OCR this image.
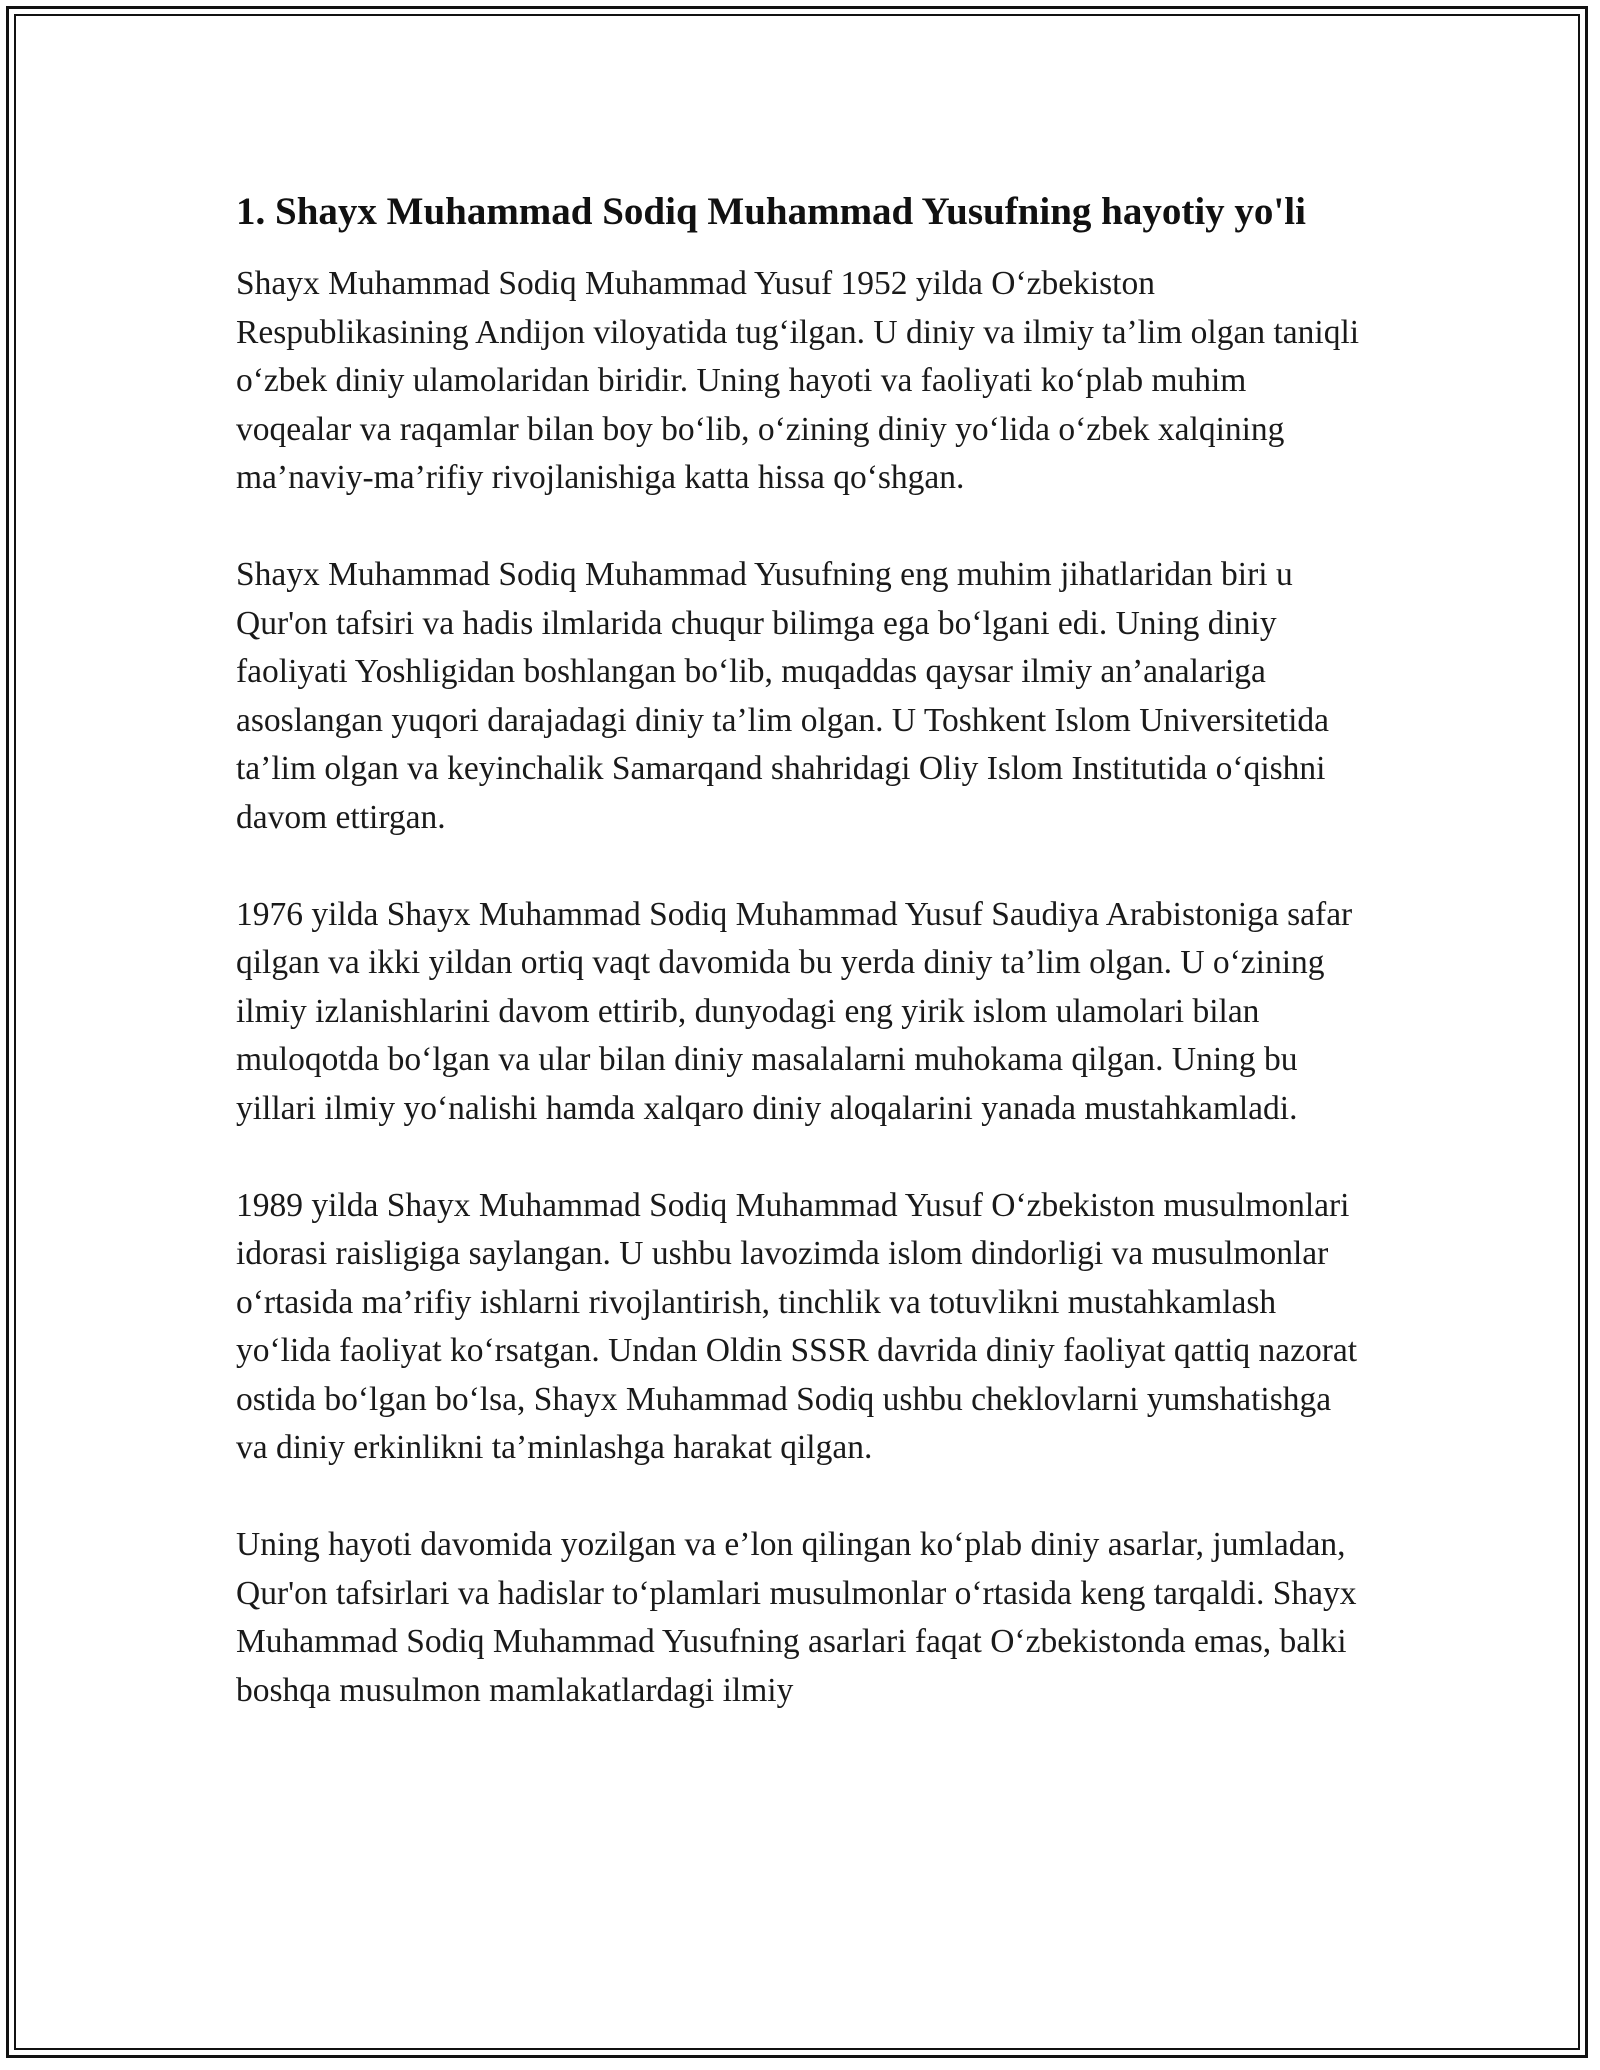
1. Shayx Muhammad Sodiq Muhammad Yusufning hayotiy yo'li

Shayx Muhammad Sodiq Muhammad Yusuf 1952 yilda O‘zbekiston Respublikasining Andijon viloyatida tug‘ilgan. U diniy va ilmiy ta’lim olgan taniqli o‘zbek diniy ulamolaridan biridir. Uning hayoti va faoliyati ko‘plab muhim voqealar va raqamlar bilan boy bo‘lib, o‘zining diniy yo‘lida o‘zbek xalqining ma’naviy-ma’rifiy rivojlanishiga katta hissa qo‘shgan.

Shayx Muhammad Sodiq Muhammad Yusufning eng muhim jihatlaridan biri u Qur'on tafsiri va hadis ilmlarida chuqur bilimga ega bo‘lgani edi. Uning diniy faoliyati Yoshligidan boshlangan bo‘lib, muqaddas qaysar ilmiy an’analariga asoslangan yuqori darajadagi diniy ta’lim olgan. U Toshkent Islom Universitetida ta’lim olgan va keyinchalik Samarqand shahridagi Oliy Islom Institutida o‘qishni davom ettirgan.

1976 yilda Shayx Muhammad Sodiq Muhammad Yusuf Saudiya Arabistoniga safar qilgan va ikki yildan ortiq vaqt davomida bu yerda diniy ta’lim olgan. U o‘zining ilmiy izlanishlarini davom ettirib, dunyodagi eng yirik islom ulamolari bilan muloqotda bo‘lgan va ular bilan diniy masalalarni muhokama qilgan. Uning bu yillari ilmiy yo‘nalishi hamda xalqaro diniy aloqalarini yanada mustahkamladi.

1989 yilda Shayx Muhammad Sodiq Muhammad Yusuf O‘zbekiston musulmonlari idorasi raisligiga saylangan. U ushbu lavozimda islom dindorligi va musulmonlar o‘rtasida ma’rifiy ishlarni rivojlantirish, tinchlik va totuvlikni mustahkamlash yo‘lida faoliyat ko‘rsatgan. Undan Oldin SSSR davrida diniy faoliyat qattiq nazorat ostida bo‘lgan bo‘lsa, Shayx Muhammad Sodiq ushbu cheklovlarni yumshatishga va diniy erkinlikni ta’minlashga harakat qilgan.

Uning hayoti davomida yozilgan va e’lon qilingan ko‘plab diniy asarlar, jumladan, Qur'on tafsirlari va hadislar to‘plamlari musulmonlar o‘rtasida keng tarqaldi. Shayx Muhammad Sodiq Muhammad Yusufning asarlari faqat O‘zbekistonda emas, balki boshqa musulmon mamlakatlardagi ilmiy
